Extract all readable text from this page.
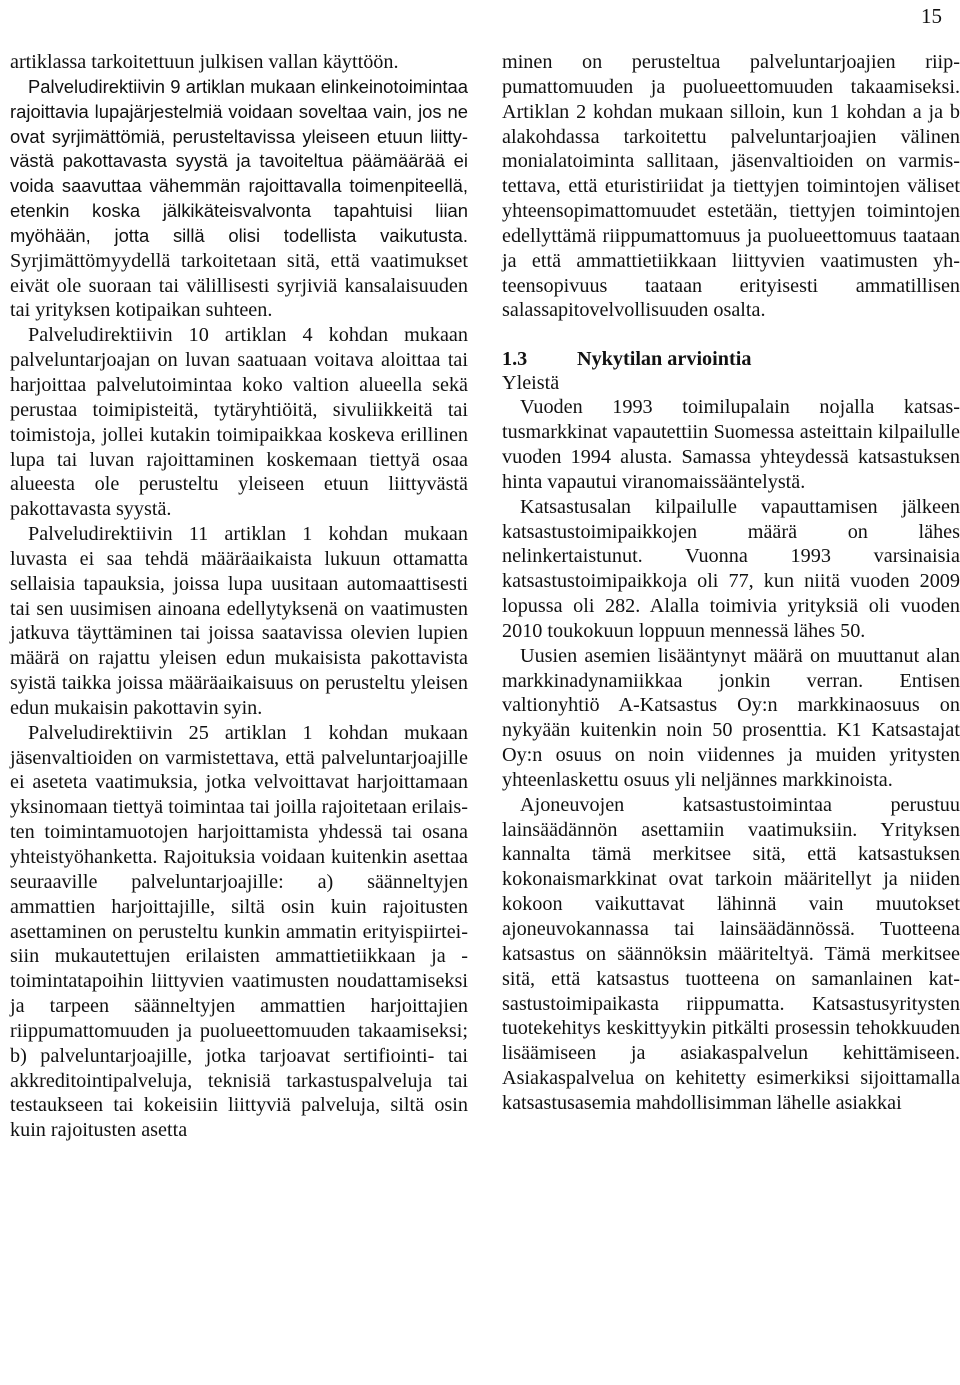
15

artiklassa tarkoitettuun julkisen vallan käyttöön.

Palveludirektiivin 9 artiklan mukaan elinkeinotoimintaa rajoittavia lupajärjestelmiä voidaan soveltaa vain, jos ne ovat syrjimättömiä, perusteltavissa yleiseen etuun liittyvästä pakottavasta syystä ja tavoiteltua päämäärää ei voida saavuttaa vähemmän rajoittavalla toimenpiteellä, etenkin koska jälkikäteisvalvonta tapahtuisi liian myöhään, jotta sillä olisi todellista vaikutusta. Syrjimättömyydellä tarkoitetaan sitä, että vaatimukset eivät ole suoraan tai välillisesti syrjiviä kansalaisuuden tai yrityksen kotipaikan suhteen.

Palveludirektiivin 10 artiklan 4 kohdan mukaan palveluntarjoajan on luvan saatuaan voitava aloittaa tai harjoittaa palvelutoimintaa koko valtion alueella sekä perustaa toimipisteitä, tytäryhtiöitä, sivuliikkeitä tai toimistoja, jollei kutakin toimipaikkaa koskeva erillinen lupa tai luvan rajoittaminen koskemaan tiettyä osaa alueesta ole perusteltu yleiseen etuun liittyvästä pakottavasta syystä.

Palveludirektiivin 11 artiklan 1 kohdan mukaan luvasta ei saa tehdä määräaikaista lukuun ottamatta sellaisia tapauksia, joissa lupa uusitaan automaattisesti tai sen uusimisen ainoana edellytyksenä on vaatimusten jatkuva täyttäminen tai joissa saatavissa olevien lupien määrä on rajattu yleisen edun mukaisista pakottavista syistä taikka joissa määräaikaisuus on perusteltu yleisen edun mukaisin pakottavin syin.

Palveludirektiivin 25 artiklan 1 kohdan mukaan jäsenvaltioiden on varmistettava, että palveluntarjoajille ei aseteta vaatimuksia, jotka velvoittavat harjoittamaan yksinomaan tiettyä toimintaa tai joilla rajoitetaan erilaisten toimintamuotojen harjoittamista yhdessä tai osana yhteistyöhanketta. Rajoituksia voidaan kuitenkin asettaa seuraaville palveluntarjoajille: a) säänneltyjen ammattien harjoittajille, siltä osin kuin rajoitusten asettaminen on perusteltu kunkin ammatin erityispiirteisiin mukautettujen erilaisten ammattietiikkaan ja -toimintatapoihin liittyvien vaatimusten noudattamiseksi ja tarpeen säänneltyjen ammattien harjoittajien riippumattomuuden ja puolueettomuuden takaamiseksi; b) palveluntarjoajille, jotka tarjoavat sertifiointi- tai akkreditointipalveluja, teknisiä tarkastuspalveluja tai testaukseen tai kokeisiin liittyviä palveluja, siltä osin kuin rajoitusten asetta

minen on perusteltua palveluntarjoajien riippumattomuuden ja puolueettomuuden takaamiseksi. Artiklan 2 kohdan mukaan silloin, kun 1 kohdan a ja b alakohdassa tarkoitettu palveluntarjoajien välinen monialatoiminta sallitaan, jäsenvaltioiden on varmistettava, että eturistiriidat ja tiettyjen toimintojen väliset yhteensopimattomuudet estetään, tiettyjen toimintojen edellyttämä riippumattomuus ja puolueettomuus taataan ja että ammattietiikkaan liittyvien vaatimusten yhteensopivuus taataan erityisesti ammatillisen salassapitovelvollisuuden osalta.

1.3	Nykytilan arviointia

Yleistä

Vuoden 1993 toimilupalain nojalla katsastusmarkkinat vapautettiin Suomessa asteittain kilpailulle vuoden 1994 alusta. Samassa yhteydessä katsastuksen hinta vapautui viranomaissääntelystä.

Katsastusalan kilpailulle vapauttamisen jälkeen katsastustoimipaikkojen määrä on lähes nelinkertaistunut. Vuonna 1993 varsinaisia katsastustoimipaikkoja oli 77, kun niitä vuoden 2009 lopussa oli 282. Alalla toimivia yrityksiä oli vuoden 2010 toukokuun loppuun mennessä lähes 50.

Uusien asemien lisääntynyt määrä on muuttanut alan markkinadynamiikkaa jonkin verran. Entisen valtionyhtiö A-Katsastus Oy:n markkinaosuus on nykyään kuitenkin noin 50 prosenttia. K1 Katsastajat Oy:n osuus on noin viidennes ja muiden yritysten yhteenlaskettu osuus yli neljännes markkinoista.

Ajoneuvojen katsastustoimintaa perustuu lainsäädännön asettamiin vaatimuksiin. Yrityksen kannalta tämä merkitsee sitä, että katsastuksen kokonaismarkkinat ovat tarkoin määritellyt ja niiden kokoon vaikuttavat lähinnä vain muutokset ajoneuvokannassa tai lainsäädännössä. Tuotteena katsastus on säännöksin määriteltyä. Tämä merkitsee sitä, että katsastus tuotteena on samanlainen katsastustoimipaikasta riippumatta. Katsastusyritysten tuotekehitys keskittyykin pitkälti prosessin tehokkuuden lisäämiseen ja asiakaspalvelun kehittämiseen. Asiakaspalvelua on kehitetty esimerkiksi sijoittamalla katsastusasemia mahdollisimman lähelle asiakkai
